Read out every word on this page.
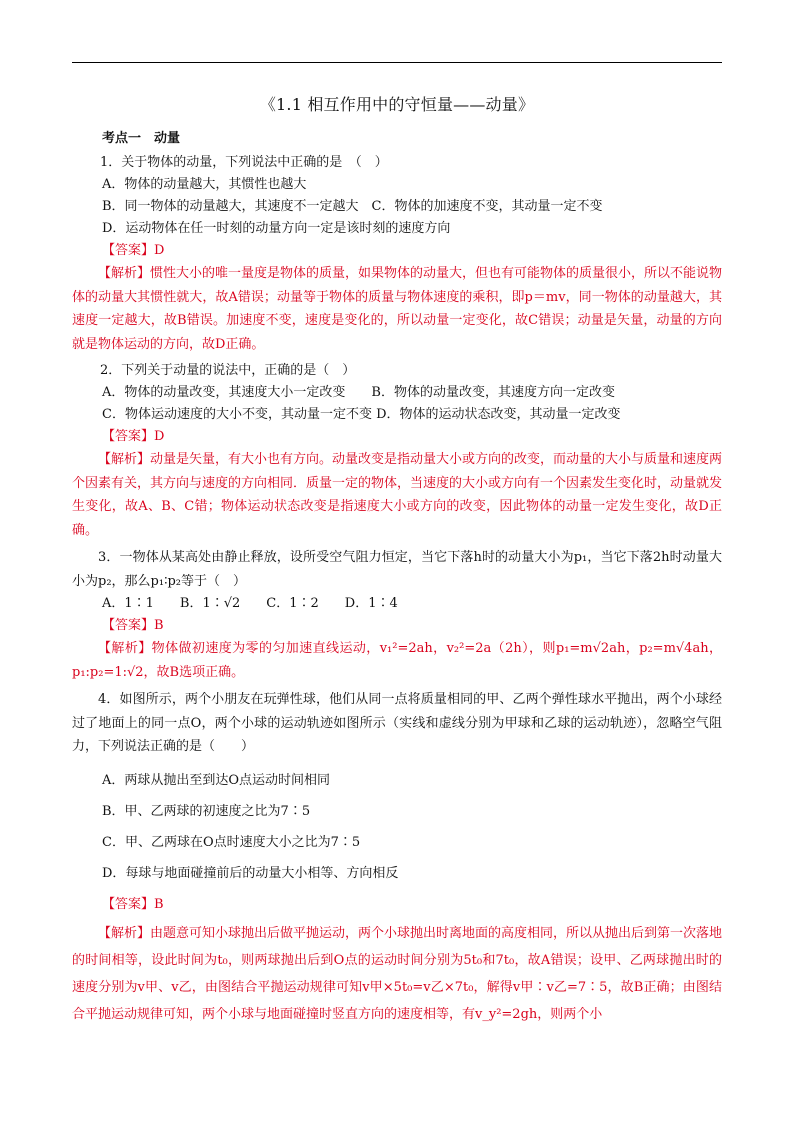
《1.1 相互作用中的守恒量——动量》
考点一　动量

1．关于物体的动量，下列说法中正确的是　（　）

A．物体的动量越大，其惯性也越大

B．同一物体的动量越大，其速度不一定越大　C．物体的加速度不变，其动量一定不变

D．运动物体在任一时刻的动量方向一定是该时刻的速度方向

【答案】D

【解析】惯性大小的唯一量度是物体的质量，如果物体的动量大，但也有可能物体的质量很小，所以不能说物体的动量大其惯性就大，故A错误；动量等于物体的质量与物体速度的乘积，即p＝mv，同一物体的动量越大，其速度一定越大，故B错误。加速度不变，速度是变化的，所以动量一定变化，故C错误；动量是矢量，动量的方向就是物体运动的方向，故D正确。

2．下列关于动量的说法中，正确的是（　）

A．物体的动量改变，其速度大小一定改变　　B．物体的动量改变，其速度方向一定改变

C．物体运动速度的大小不变，其动量一定不变 D．物体的运动状态改变，其动量一定改变

【答案】D

【解析】动量是矢量，有大小也有方向。动量改变是指动量大小或方向的改变，而动量的大小与质量和速度两个因素有关，其方向与速度的方向相同．质量一定的物体，当速度的大小或方向有一个因素发生变化时，动量就发生变化，故A、B、C错；物体运动状态改变是指速度大小或方向的改变，因此物体的动量一定发生变化，故D正确。

3．一物体从某高处由静止释放，设所受空气阻力恒定，当它下落h时的动量大小为p₁，当它下落2h时动量大小为p₂，那么p₁∶p₂等于（　）

A．1∶1　　B．1∶√2　　C．1∶2　　D．1∶4

【答案】B

【解析】物体做初速度为零的匀加速直线运动，v₁²=2ah，v₂²=2a（2h），则p₁=m√2ah，p₂=m√4ah，p₁:p₂=1:√2，故B选项正确。

4．如图所示，两个小朋友在玩弹性球，他们从同一点将质量相同的甲、乙两个弹性球水平抛出，两个小球经过了地面上的同一点O，两个小球的运动轨迹如图所示（实线和虚线分别为甲球和乙球的运动轨迹），忽略空气阻力，下列说法正确的是（　　）

A．两球从抛出至到达O点运动时间相同

B．甲、乙两球的初速度之比为7∶5

C．甲、乙两球在O点时速度大小之比为7∶5

D．每球与地面碰撞前后的动量大小相等、方向相反

【答案】B

【解析】由题意可知小球抛出后做平抛运动，两个小球抛出时离地面的高度相同，所以从抛出后到第一次落地的时间相等，设此时间为t₀，则两球抛出后到O点的运动时间分别为5t₀和7t₀，故A错误；设甲、乙两球抛出时的速度分别为v甲、v乙，由图结合平抛运动规律可知v甲×5t₀=v乙×7t₀，解得v甲∶v乙=7∶5，故B正确；由图结合平抛运动规律可知，两个小球与地面碰撞时竖直方向的速度相等，有v_y²=2gh，则两个小
